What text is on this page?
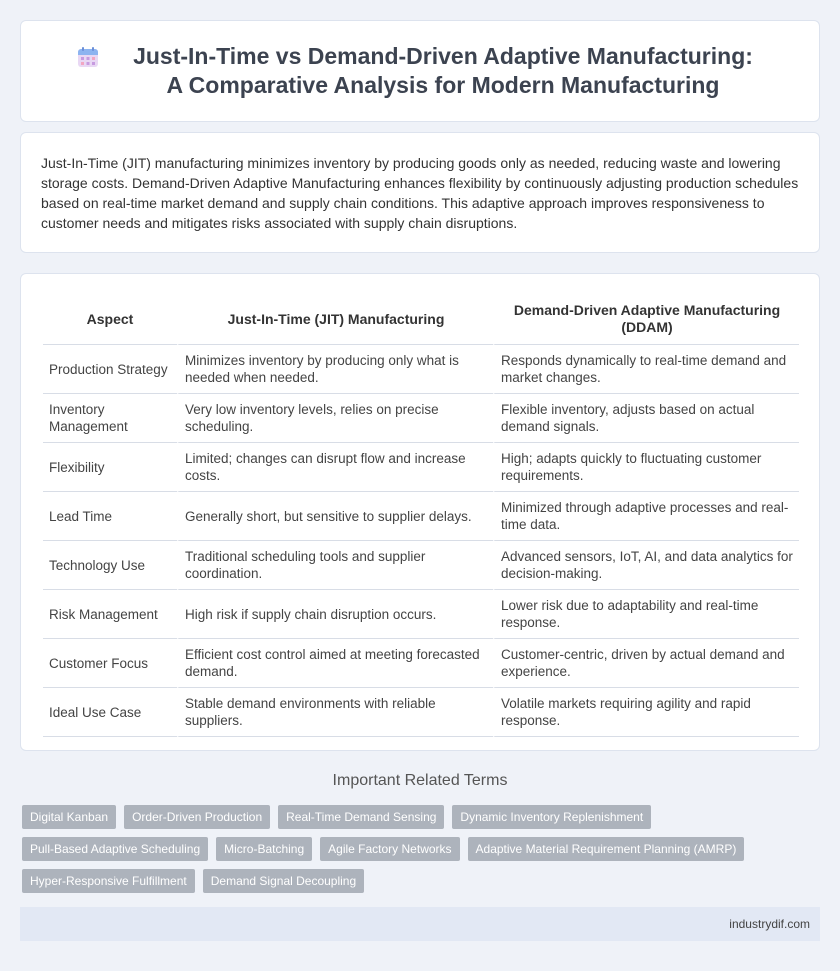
Just-In-Time vs Demand-Driven Adaptive Manufacturing: A Comparative Analysis for Modern Manufacturing

Just-In-Time (JIT) manufacturing minimizes inventory by producing goods only as needed, reducing waste and lowering storage costs. Demand-Driven Adaptive Manufacturing enhances flexibility by continuously adjusting production schedules based on real-time market demand and supply chain conditions. This adaptive approach improves responsiveness to customer needs and mitigates risks associated with supply chain disruptions.

Aspect	Just-In-Time (JIT) Manufacturing	Demand-Driven Adaptive Manufacturing (DDAM)
Production Strategy	Minimizes inventory by producing only what is needed when needed.	Responds dynamically to real-time demand and market changes.
Inventory Management	Very low inventory levels, relies on precise scheduling.	Flexible inventory, adjusts based on actual demand signals.
Flexibility	Limited; changes can disrupt flow and increase costs.	High; adapts quickly to fluctuating customer requirements.
Lead Time	Generally short, but sensitive to supplier delays.	Minimized through adaptive processes and real-time data.
Technology Use	Traditional scheduling tools and supplier coordination.	Advanced sensors, IoT, AI, and data analytics for decision-making.
Risk Management	High risk if supply chain disruption occurs.	Lower risk due to adaptability and real-time response.
Customer Focus	Efficient cost control aimed at meeting forecasted demand.	Customer-centric, driven by actual demand and experience.
Ideal Use Case	Stable demand environments with reliable suppliers.	Volatile markets requiring agility and rapid response.
Important Related Terms
Digital Kanban	Order-Driven Production	Real-Time Demand Sensing	Dynamic Inventory Replenishment
Pull-Based Adaptive Scheduling	Micro-Batching	Agile Factory Networks	Adaptive Material Requirement Planning (AMRP)
Hyper-Responsive Fulfillment	Demand Signal Decoupling
industrydif.com
